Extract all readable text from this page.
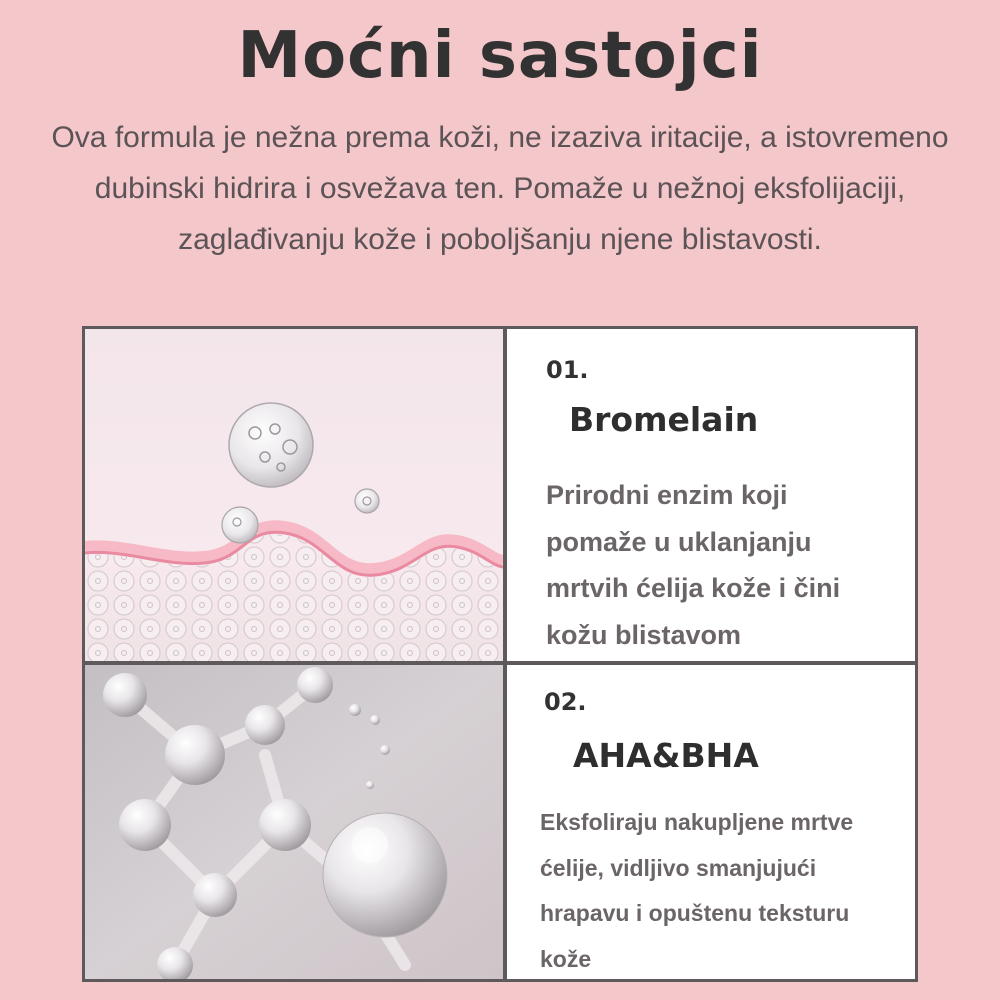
Moćni sastojci
Ova formula je nežna prema koži, ne izaziva iritacije, a istovremeno
dubinski hidrira i osvežava ten. Pomaže u nežnoj eksfolijaciji,
zaglađivanju kože i poboljšanju njene blistavosti.
01.
Bromelain
Prirodni enzim koji
pomaže u uklanjanju
mrtvih ćelija kože i čini
kožu blistavom
02.
AHA&BHA
Eksfoliraju nakupljene mrtve
ćelije, vidljivo smanjujući
hrapavu i opuštenu teksturu
kože
